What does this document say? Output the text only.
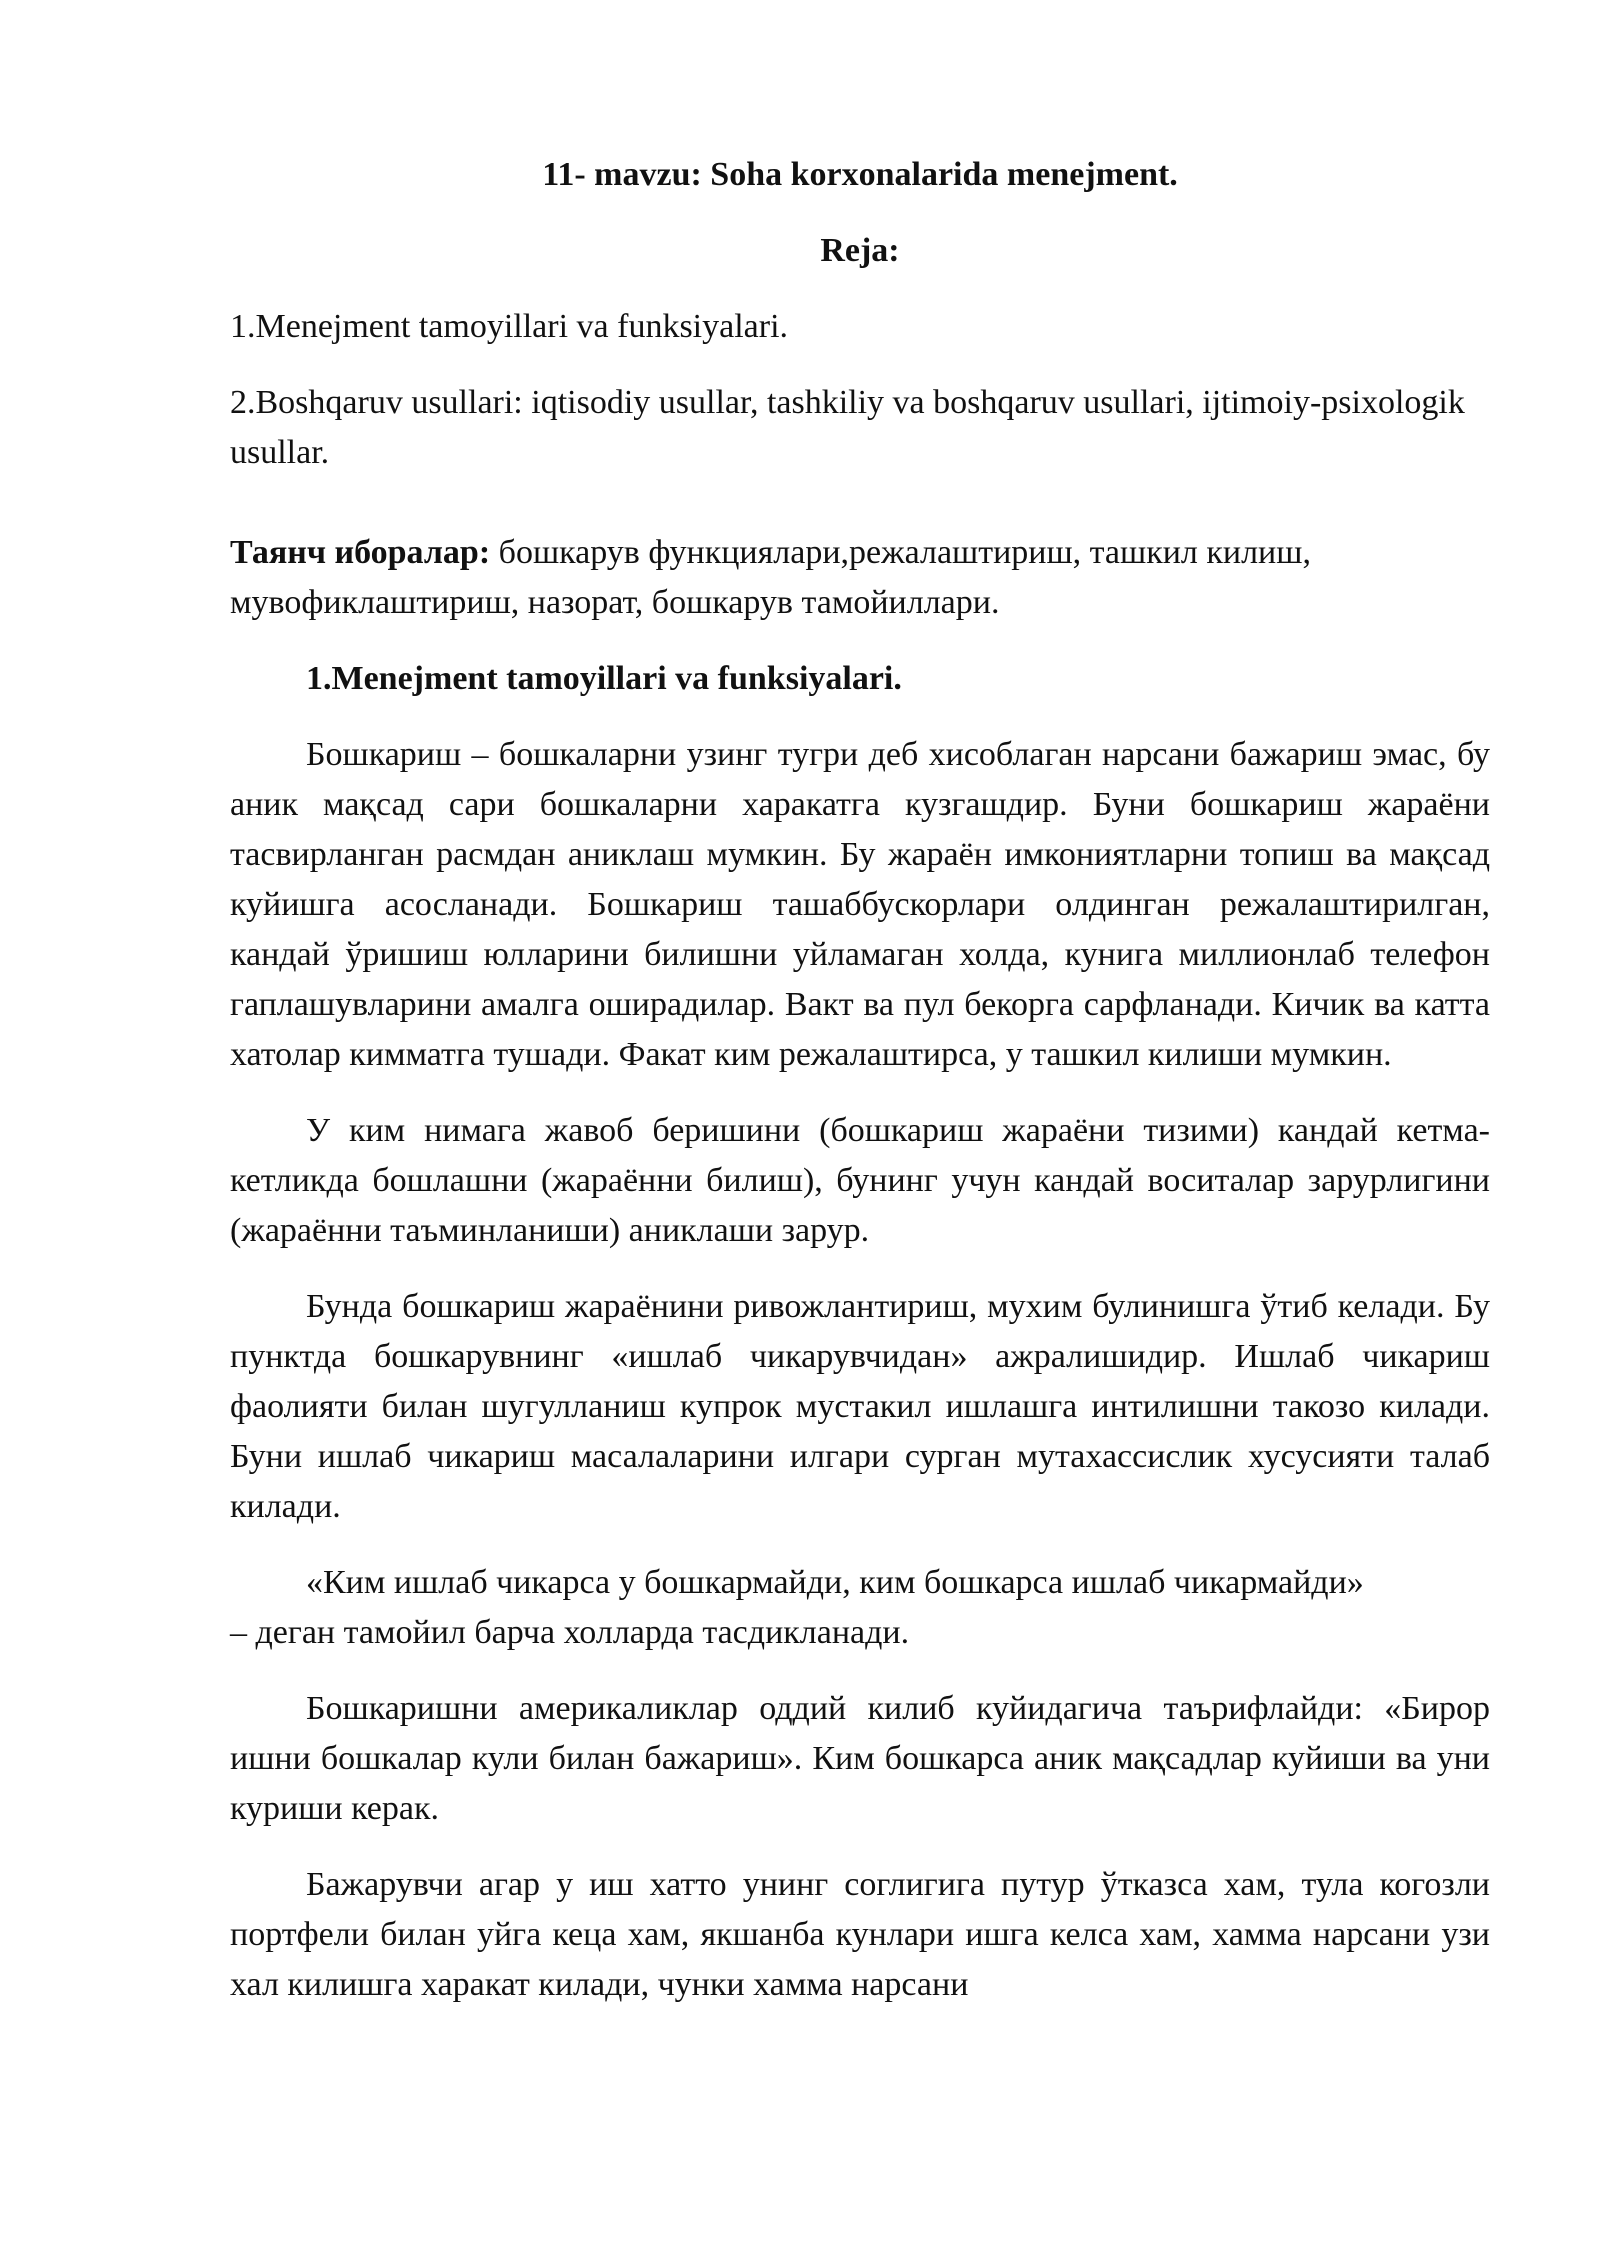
11- mavzu: Soha korxonalarida menejment.
Reja:
1.Menejment tamoyillari va funksiyalari.
2.Boshqaruv usullari: iqtisodiy usullar, tashkiliy va boshqaruv usullari, ijtimoiy-psixologik usullar.
Таянч иборалар: бошкарув функциялари,режалаштириш, ташкил килиш, мувофиклаштириш, назорат, бошкарув тамойиллари.
1.Menejment tamoyillari va funksiyalari.
Бошкариш – бошкаларни узинг тугри деб хисоблаган нарсани бажариш эмас, бу аник мақсад сари бошкаларни харакатга кузгашдир. Буни бошкариш жараёни тасвирланган расмдан аниклаш мумкин. Бу жараён имкониятларни топиш ва мақсад куйишга асосланади. Бошкариш ташаббускорлари олдинган режалаштирилган, кандай ўришиш юлларини билишни уйламаган холда, кунига миллионлаб телефон гаплашувларини амалга оширадилар. Вакт ва пул бекорга сарфланади. Кичик ва катта хатолар кимматга тушади. Факат ким режалаштирса, у ташкил килиши мумкин.
У ким нимага жавоб беришини (бошкариш жараёни тизими) кандай кетма-кетликда бошлашни (жараённи билиш), бунинг учун кандай воситалар зарурлигини (жараённи таъминланиши) аниклаши зарур.
Бунда бошкариш жараёнини ривожлантириш, мухим булинишга ўтиб келади. Бу пунктда бошкарувнинг «ишлаб чикарувчидан» ажралишидир. Ишлаб чикариш фаолияти билан шугулланиш купрок мустакил ишлашга интилишни такозо килади. Буни ишлаб чикариш масалаларини илгари сурган мутахассислик хусусияти талаб килади.
«Ким ишлаб чикарса у бошкармайди, ким бошкарса ишлаб чикармайди»
– деган тамойил барча холларда тасдикланади.
Бошкаришни америкаликлар оддий килиб куйидагича таърифлайди: «Бирор ишни бошкалар кули билан бажариш». Ким бошкарса аник мақсадлар куйиши ва уни куриши керак.
Бажарувчи агар у иш хатто унинг соглигига путур ўтказса хам, тула когозли портфели билан уйга кеца хам, якшанба кунлари ишга келса хам, хамма нарсани узи хал килишга харакат килади, чунки хамма нарсани
